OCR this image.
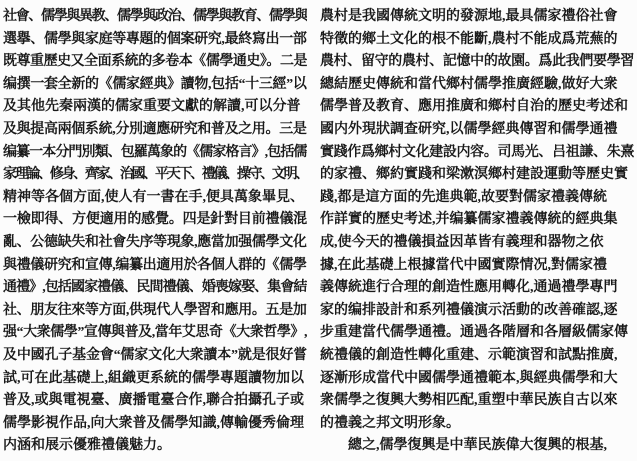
社會、儒學與異教、儒學與政治、儒學與教育、儒學與
選擧、儒學與家庭等專題的個案研究,最終寫出一部
既尊重歷史又全面系統的多卷本《儒學通史》。二是
编撰一套全新的《儒家經典》讀物,包括“十三經”以
及其他先秦兩漢的儒家重要文獻的解讀,可以分普
及與提高兩個系統,分別適應研究和普及之用。三是
编纂一本分門別類、包羅萬象的《儒家格言》,包括儒
家理論、修身、齊家、治國、平天下、禮儀、操守、文明、
精神等各個方面,使人有一書在手,便具萬象畢見、
一檢即得、方便適用的感覺。四是針對目前禮儀混
亂、公德缺失和社會失序等現象,應當加强儒學文化
與禮儀研究和宣傳,编纂出適用於各個人群的《儒學
通禮》,包括國家禮儀、民間禮儀、婚喪嫁娶、集會結
社、朋友往來等方面,供現代人學習和應用。五是加
强“大衆儒學”宣傳與普及,當年艾思奇《大衆哲學》,
及中國孔子基金會“儒家文化大衆讀本”就是很好嘗
試,可在此基礎上,組織更系統的儒學專題讀物加以
普及,或與電視臺、廣播電臺合作,聯合拍攝孔子或
儒學影視作品,向大衆普及儒學知識,傳輸優秀倫理
内涵和展示優雅禮儀魅力。
農村是我國傳統文明的發源地,最具儒家禮俗社會
特徵的鄉土文化的根不能斷,農村不能成爲荒蕪的
農村、留守的農村、記憶中的故園。爲此我們要學習
總結歷史傳統和當代鄉村儒學推廣經驗,做好大衆
儒學普及教育、應用推廣和鄉村自治的歷史考述和
國内外現狀調查研究,以儒學經典傳習和儒學通禮
實踐作爲鄉村文化建設内容。司馬光、吕祖謙、朱熹
的家禮、鄉約實踐和梁漱溟鄉村建設運動等歷史實
踐,都是這方面的先進典範,故要對儒家禮義傳統
作詳實的歷史考述,并编纂儒家禮義傳統的經典集
成,使今天的禮儀損益因革皆有義理和器物之依
據,在此基礎上根據當代中國實際情况,對儒家禮
義傳統進行合理的創造性應用轉化,通過禮學專門
家的编排設計和系列禮儀演示活動的改善確認,逐
步重建當代儒學通禮。通過各階層和各層級儒家傳
統禮儀的創造性轉化重建、示範演習和試點推廣,
逐漸形成當代中國儒學通禮範本,與經典儒學和大
衆儒學之復興大勢相匹配,重塑中華民族自古以來
的禮義之邦文明形象。
　　總之,儒學復興是中華民族偉大復興的根基,
